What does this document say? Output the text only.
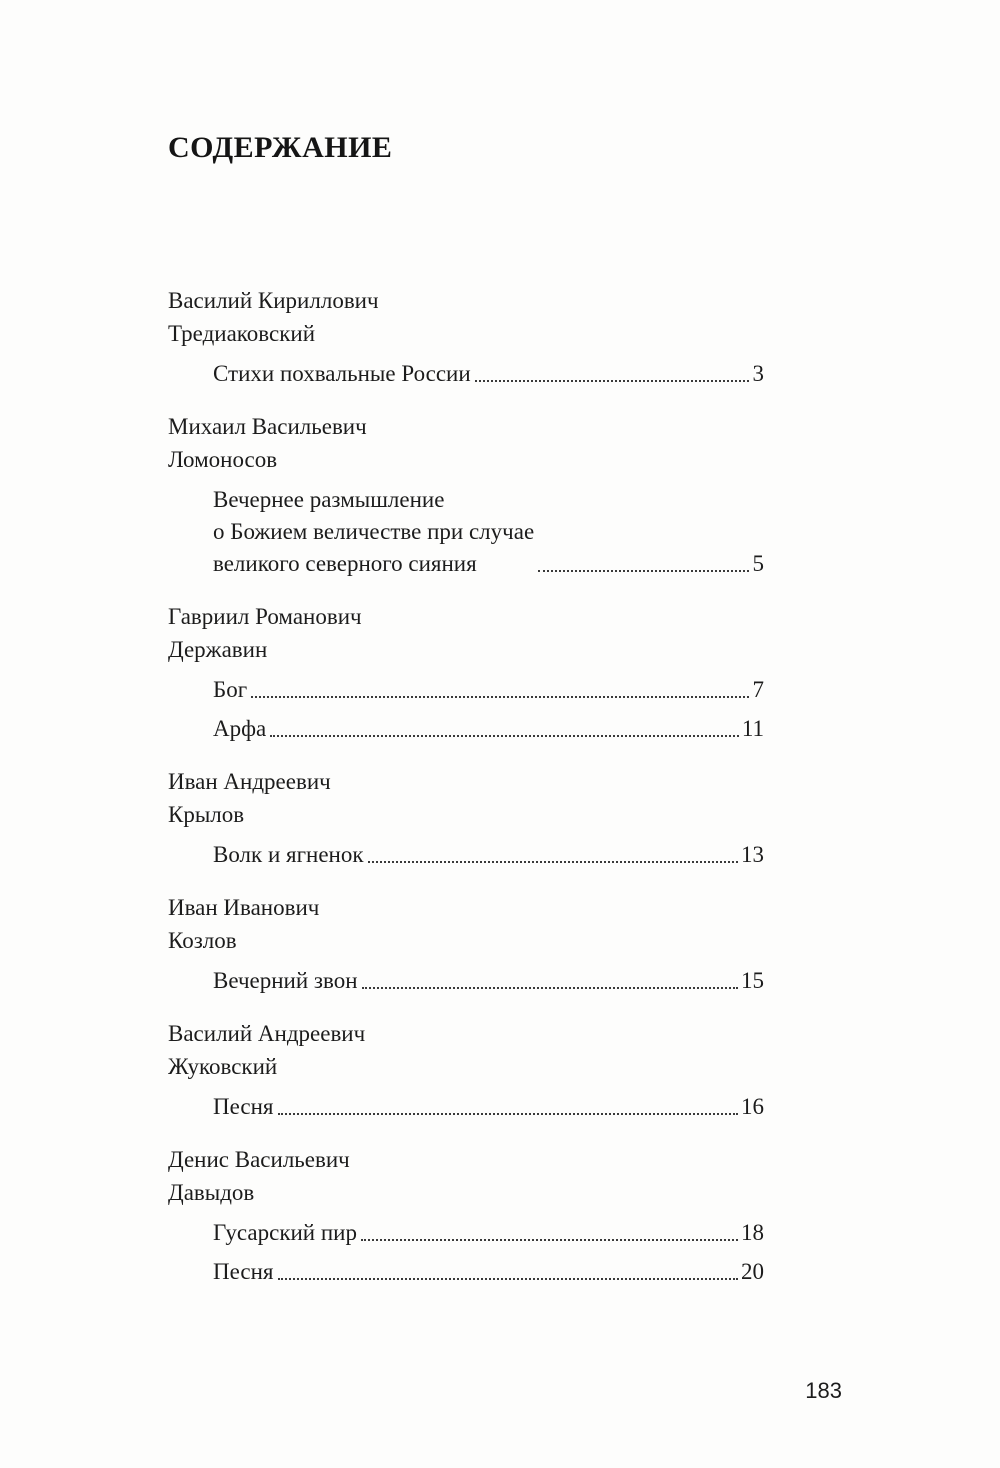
СОДЕРЖАНИЕ

Василий Кириллович
Тредиаковский

Стихи похвальные России	3

Михаил Васильевич
Ломоносов

Вечернее размышление
о Божием величестве при случае
великого северного сияния	5

Гавриил Романович
Державин

Бог	7
Арфа	11

Иван Андреевич
Крылов

Волк и ягненок	13

Иван Иванович
Козлов

Вечерний звон	15

Василий Андреевич
Жуковский

Песня	16

Денис Васильевич
Давыдов

Гусарский пир	18
Песня	20
183
